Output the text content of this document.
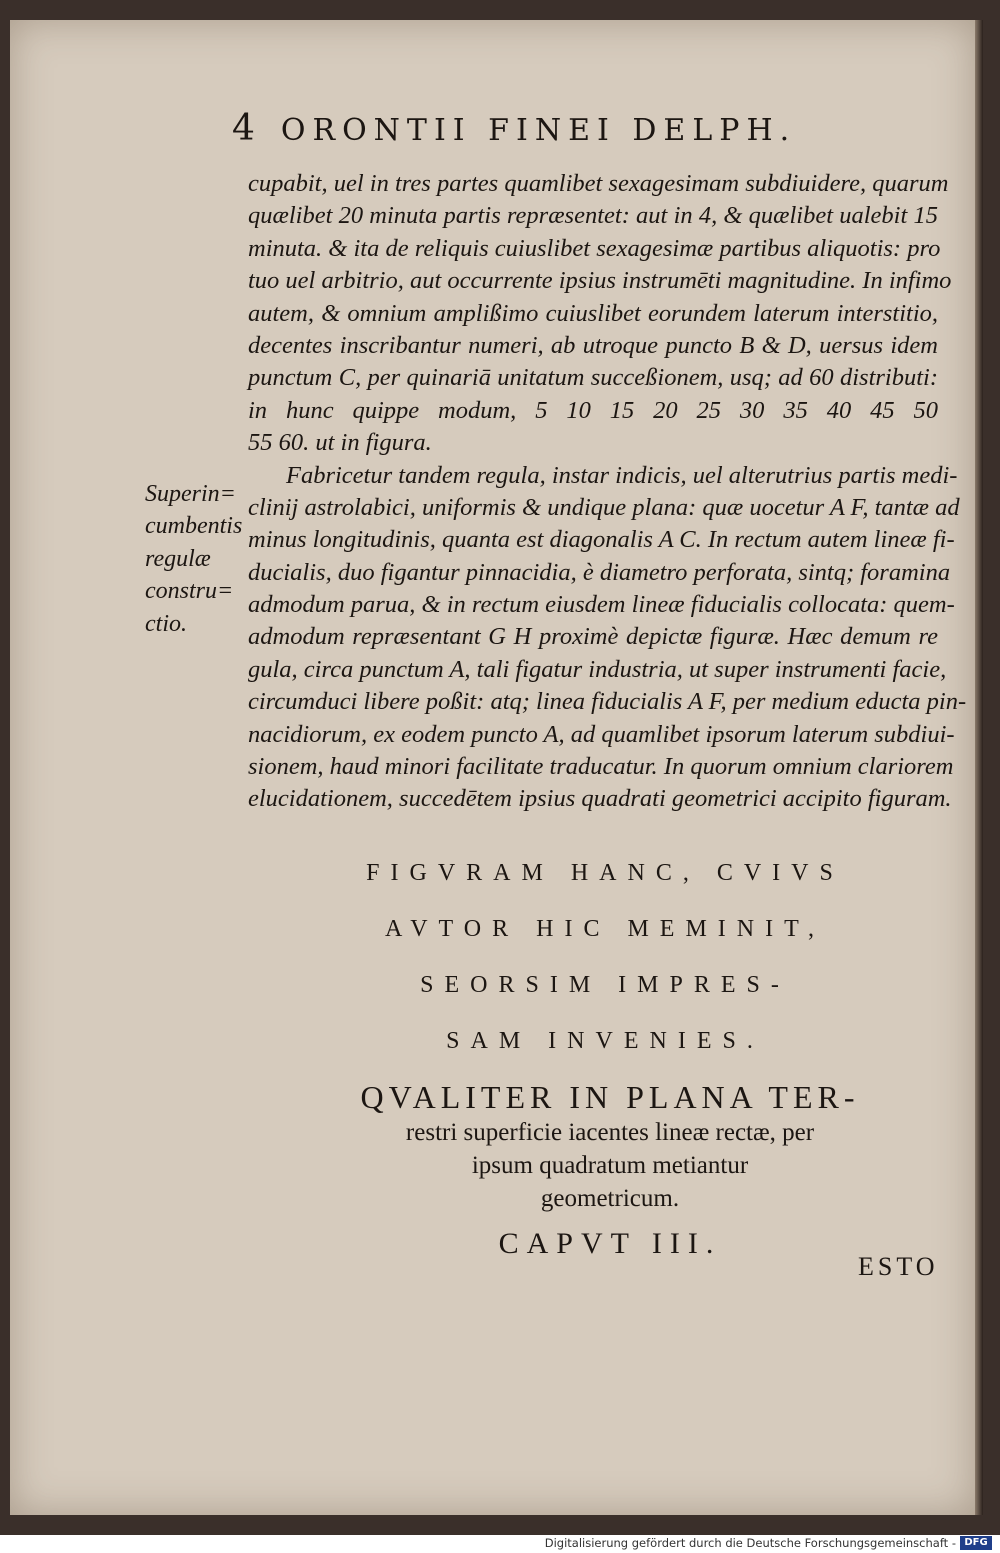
4 ORONTII FINEI DELPH.
cupabit, uel in tres partes quamlibet sexagesimam subdiuidere, quarum
quælibet 20 minuta partis repræsentet: aut in 4, & quælibet ualebit 15
minuta. & ita de reliquis cuiuslibet sexagesimæ partibus aliquotis: pro
tuo uel arbitrio, aut occurrente ipsius instrumēti magnitudine. In infimo
autem, & omnium amplißimo cuiuslibet eorundem laterum interstitio,
decentes inscribantur numeri, ab utroque puncto B & D, uersus idem
punctum C, per quinariā unitatum succeßionem, usq; ad 60 distributi:
in hunc quippe modum, 5 10 15 20 25 30 35 40 45 50
55 60. ut in figura.
Fabricetur tandem regula, instar indicis, uel alterutrius partis medi-
clinij astrolabici, uniformis & undique plana: quæ uocetur A F, tantæ ad
minus longitudinis, quanta est diagonalis A C. In rectum autem lineæ fi-
ducialis, duo figantur pinnacidia, è diametro perforata, sintq; foramina
admodum parua, & in rectum eiusdem lineæ fiducialis collocata: quem-
admodum repræsentant G H proximè depictæ figuræ. Hæc demum re
gula, circa punctum A, tali figatur industria, ut super instrumenti facie,
circumduci libere poßit: atq; linea fiducialis A F, per medium educta pin-
nacidiorum, ex eodem puncto A, ad quamlibet ipsorum laterum subdiui-
sionem, haud minori facilitate traducatur. In quorum omnium clariorem
elucidationem, succedētem ipsius quadrati geometrici accipito figuram.
Superin=
cumbentis
regulæ
constru=
ctio.
FIGVRAM HANC, CVIVS
AVTOR HIC MEMINIT,
SEORSIM IMPRES-
SAM INVENIES.
QVALITER IN PLANA TER-
restri superficie iacentes lineæ rectæ, per
ipsum quadratum metiantur
geometricum.
CAPVT III.
ESTO
Digitalisierung gefördert durch die Deutsche Forschungsgemeinschaft - DFG
